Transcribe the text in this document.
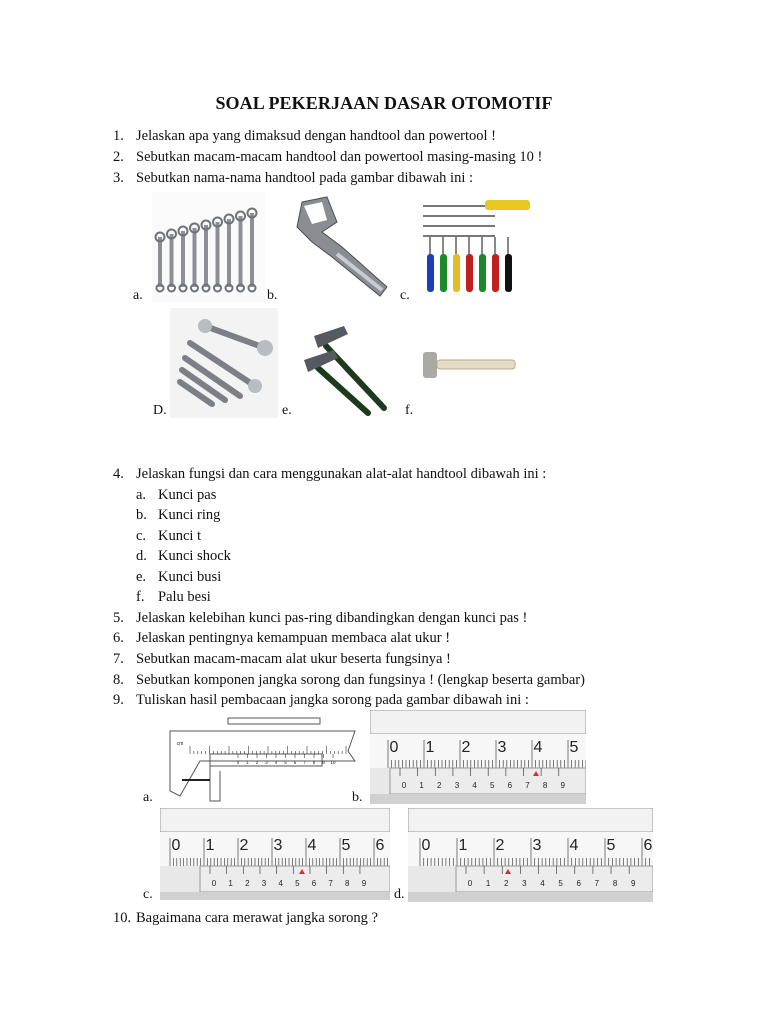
SOAL PEKERJAAN DASAR OTOMOTIF
1. Jelaskan apa yang dimaksud dengan handtool dan powertool !
2. Sebutkan macam-macam handtool dan powertool masing-masing 10 !
3. Sebutkan nama-nama handtool pada gambar dibawah ini :
a.	b.	c.
D.	e.	f.
4. Jelaskan fungsi dan cara menggunakan alat-alat handtool dibawah ini :
a. Kunci pas
b. Kunci ring
c. Kunci t
d. Kunci shock
e. Kunci busi
f. Palu besi
5. Jelaskan kelebihan kunci pas-ring dibandingkan dengan kunci pas !
6. Jelaskan pentingnya kemampuan membaca alat ukur !
7. Sebutkan macam-macam alat ukur beserta fungsinya !
8. Sebutkan komponen jangka sorong dan fungsinya ! (lengkap beserta gambar)
9. Tuliskan hasil pembacaan jangka sorong pada gambar dibawah ini :
a.
cm
0 1 2 3 4 5 6 7 8 9 10
b.
0 1 2 3 4 5
0 1 2 3 4 5 6 7 8 9
c.
0 1 2 3 4 5 6
0 1 2 3 4 5 6 7 8 9
d.
0 1 2 3 4 5 6
0 1 2 3 4 5 6 7 8 9
10. Bagaimana cara merawat jangka sorong ?
